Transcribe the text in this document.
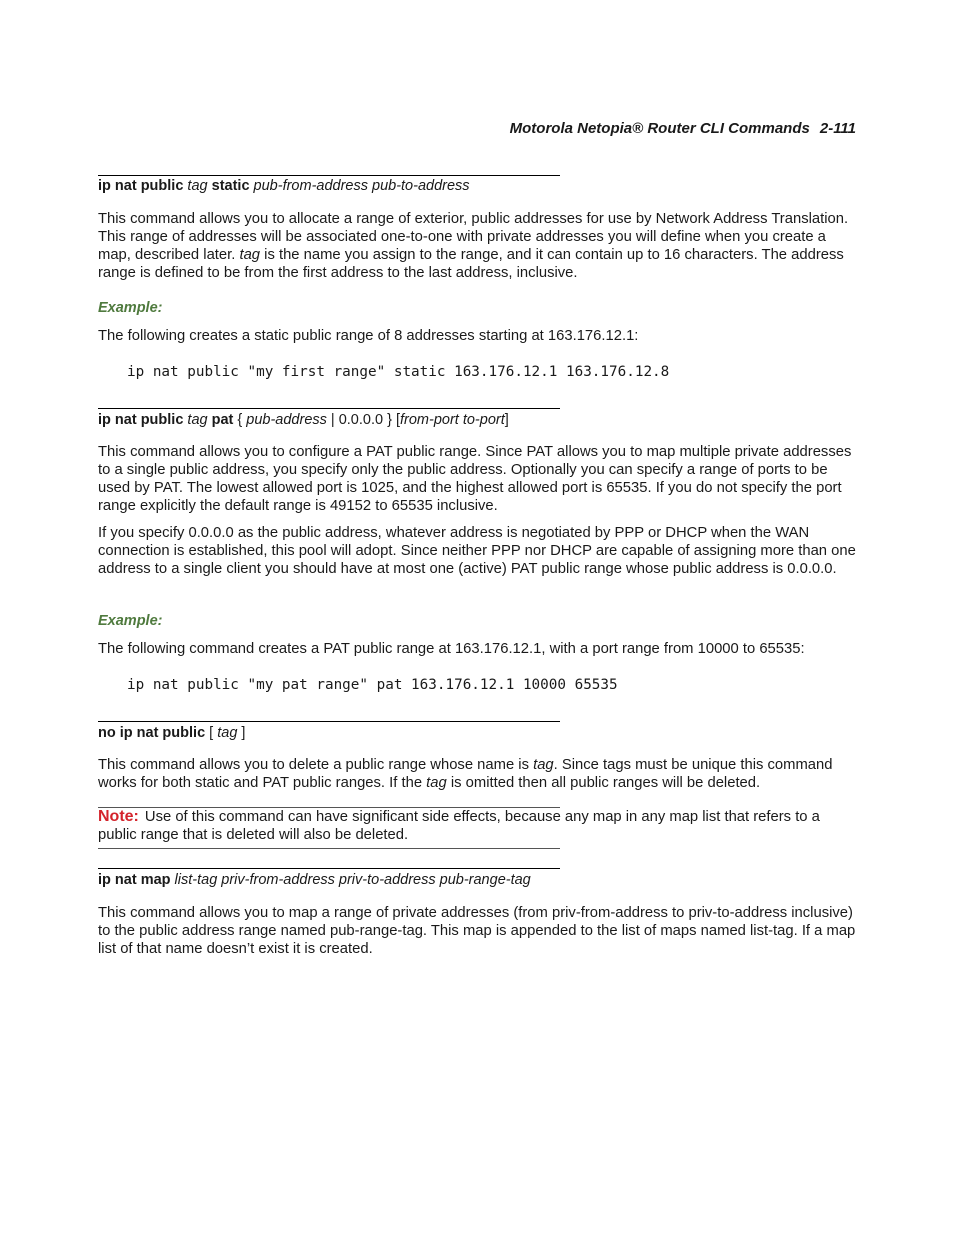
Motorola Netopia® Router CLI Commands 2-111
ip nat public tag static pub-from-address pub-to-address
This command allows you to allocate a range of exterior, public addresses for use by Network Address Translation. This range of addresses will be associated one-to-one with private addresses you will define when you create a map, described later. tag is the name you assign to the range, and it can contain up to 16 characters. The address range is defined to be from the first address to the last address, inclusive.
Example:
The following creates a static public range of 8 addresses starting at 163.176.12.1:
ip nat public "my first range" static 163.176.12.1 163.176.12.8
ip nat public tag pat { pub-address | 0.0.0.0 } [from-port to-port]
This command allows you to configure a PAT public range. Since PAT allows you to map multiple private addresses to a single public address, you specify only the public address. Optionally you can specify a range of ports to be used by PAT. The lowest allowed port is 1025, and the highest allowed port is 65535. If you do not specify the port range explicitly the default range is 49152 to 65535 inclusive.
If you specify 0.0.0.0 as the public address, whatever address is negotiated by PPP or DHCP when the WAN connection is established, this pool will adopt. Since neither PPP nor DHCP are capable of assigning more than one address to a single client you should have at most one (active) PAT public range whose public address is 0.0.0.0.
Example:
The following command creates a PAT public range at 163.176.12.1, with a port range from 10000 to 65535:
ip nat public "my pat range" pat 163.176.12.1 10000 65535
no ip nat public [ tag ]
This command allows you to delete a public range whose name is tag. Since tags must be unique this command works for both static and PAT public ranges. If the tag is omitted then all public ranges will be deleted.
Note: Use of this command can have significant side effects, because any map in any map list that refers to a public range that is deleted will also be deleted.
ip nat map list-tag priv-from-address priv-to-address pub-range-tag
This command allows you to map a range of private addresses (from priv-from-address to priv-to-address inclusive) to the public address range named pub-range-tag. This map is appended to the list of maps named list-tag. If a map list of that name doesn’t exist it is created.
